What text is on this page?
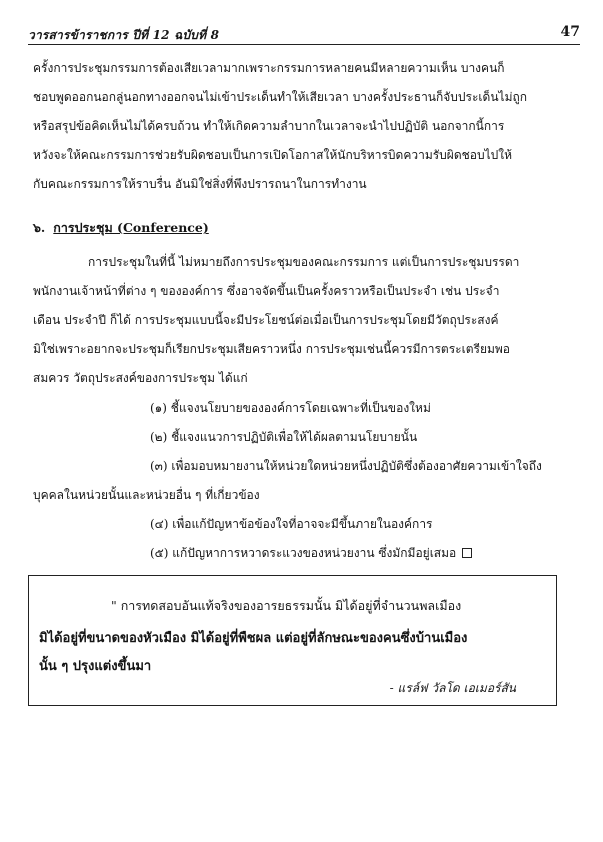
วารสารข้าราชการ ปีที่ 12 ฉบับที่ 8	47
ครั้งการประชุมกรรมการต้องเสียเวลามากเพราะกรรมการหลายคนมีหลายความเห็น บางคนก็
ชอบพูดออกนอกลู่นอกทางออกจนไม่เข้าประเด็นทำให้เสียเวลา บางครั้งประธานก็จับประเด็นไม่ถูก
หรือสรุปข้อคิดเห็นไม่ได้ครบถ้วน ทำให้เกิดความลำบากในเวลาจะนำไปปฏิบัติ นอกจากนี้การ
หวังจะให้คณะกรรมการช่วยรับผิดชอบเป็นการเปิดโอกาสให้นักบริหารบิดความรับผิดชอบไปให้
กับคณะกรรมการให้ราบรื่น อันมิใช่สิ่งที่พึงปรารถนาในการทำงาน
๖. การประชุม (Conference)
การประชุมในที่นี้ ไม่หมายถึงการประชุมของคณะกรรมการ แต่เป็นการประชุมบรรดา
พนักงานเจ้าหน้าที่ต่าง ๆ ขององค์การ ซึ่งอาจจัดขึ้นเป็นครั้งคราวหรือเป็นประจำ เช่น ประจำ
เดือน ประจำปี ก็ได้ การประชุมแบบนี้จะมีประโยชน์ต่อเมื่อเป็นการประชุมโดยมีวัตถุประสงค์
มิใช่เพราะอยากจะประชุมก็เรียกประชุมเสียคราวหนึ่ง การประชุมเช่นนี้ควรมีการตระเตรียมพอ
สมควร วัตถุประสงค์ของการประชุม ได้แก่
(๑) ชี้แจงนโยบายขององค์การโดยเฉพาะที่เป็นของใหม่
(๒) ชี้แจงแนวการปฏิบัติเพื่อให้ได้ผลตามนโยบายนั้น
(๓) เพื่อมอบหมายงานให้หน่วยใดหน่วยหนึ่งปฏิบัติซึ่งต้องอาศัยความเข้าใจถึง
บุคคลในหน่วยนั้นและหน่วยอื่น ๆ ที่เกี่ยวข้อง
(๔) เพื่อแก้ปัญหาข้อข้องใจที่อาจจะมีขึ้นภายในองค์การ
(๕) แก้ปัญหาการหวาดระแวงของหน่วยงาน ซึ่งมักมีอยู่เสมอ
" การทดสอบอันแท้จริงของอารยธรรมนั้น มิได้อยู่ที่จำนวนพลเมือง
มิได้อยู่ที่ขนาดของหัวเมือง มิได้อยู่ที่พืชผล แต่อยู่ที่ลักษณะของคนซึ่งบ้านเมือง
นั้น ๆ ปรุงแต่งขึ้นมา
- แรล์ฟ วัลโด เอเมอร์สัน
